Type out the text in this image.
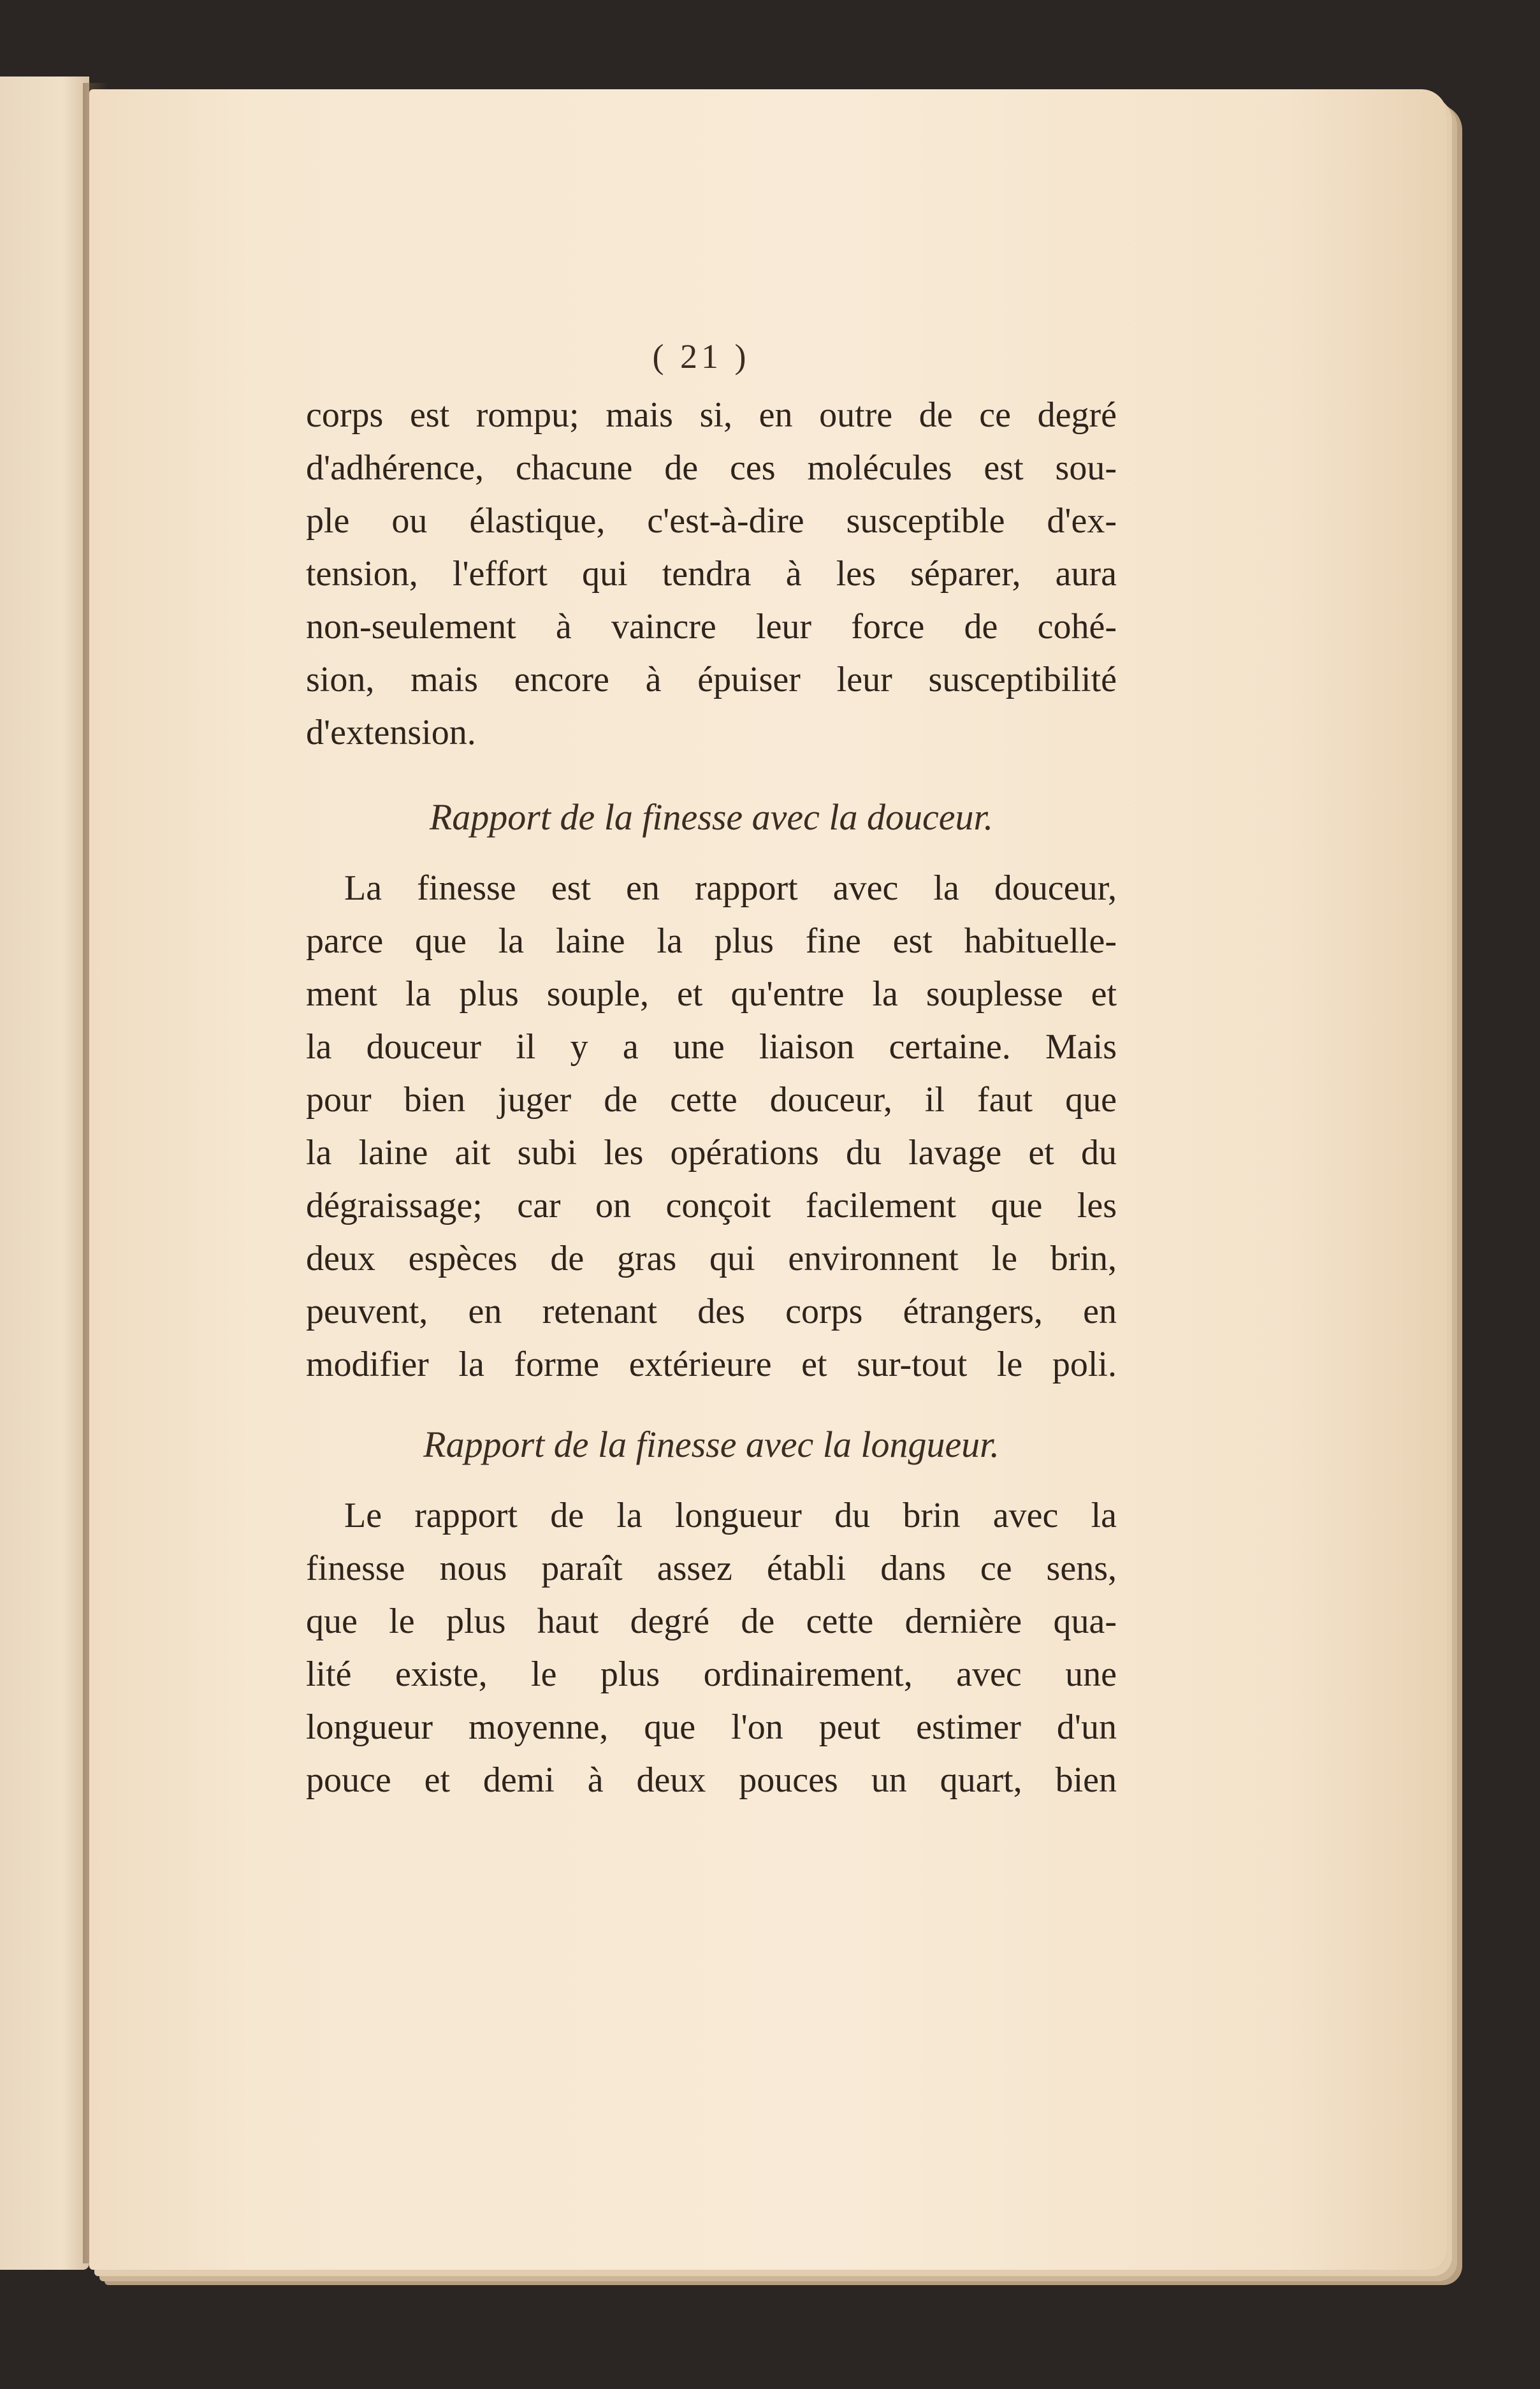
( 21 )
corps est rompu; mais si, en outre de ce degré
d'adhérence, chacune de ces molécules est sou-
ple ou élastique, c'est-à-dire susceptible d'ex-
tension, l'effort qui tendra à les séparer, aura
non-seulement à vaincre leur force de cohé-
sion, mais encore à épuiser leur susceptibilité
d'extension.
Rapport de la finesse avec la douceur.
La finesse est en rapport avec la douceur,
parce que la laine la plus fine est habituelle-
ment la plus souple, et qu'entre la souplesse et
la douceur il y a une liaison certaine. Mais
pour bien juger de cette douceur, il faut que
la laine ait subi les opérations du lavage et du
dégraissage; car on conçoit facilement que les
deux espèces de gras qui environnent le brin,
peuvent, en retenant des corps étrangers, en
modifier la forme extérieure et sur-tout le poli.
Rapport de la finesse avec la longueur.
Le rapport de la longueur du brin avec la
finesse nous paraît assez établi dans ce sens,
que le plus haut degré de cette dernière qua-
lité existe, le plus ordinairement, avec une
longueur moyenne, que l'on peut estimer d'un
pouce et demi à deux pouces un quart, bien
